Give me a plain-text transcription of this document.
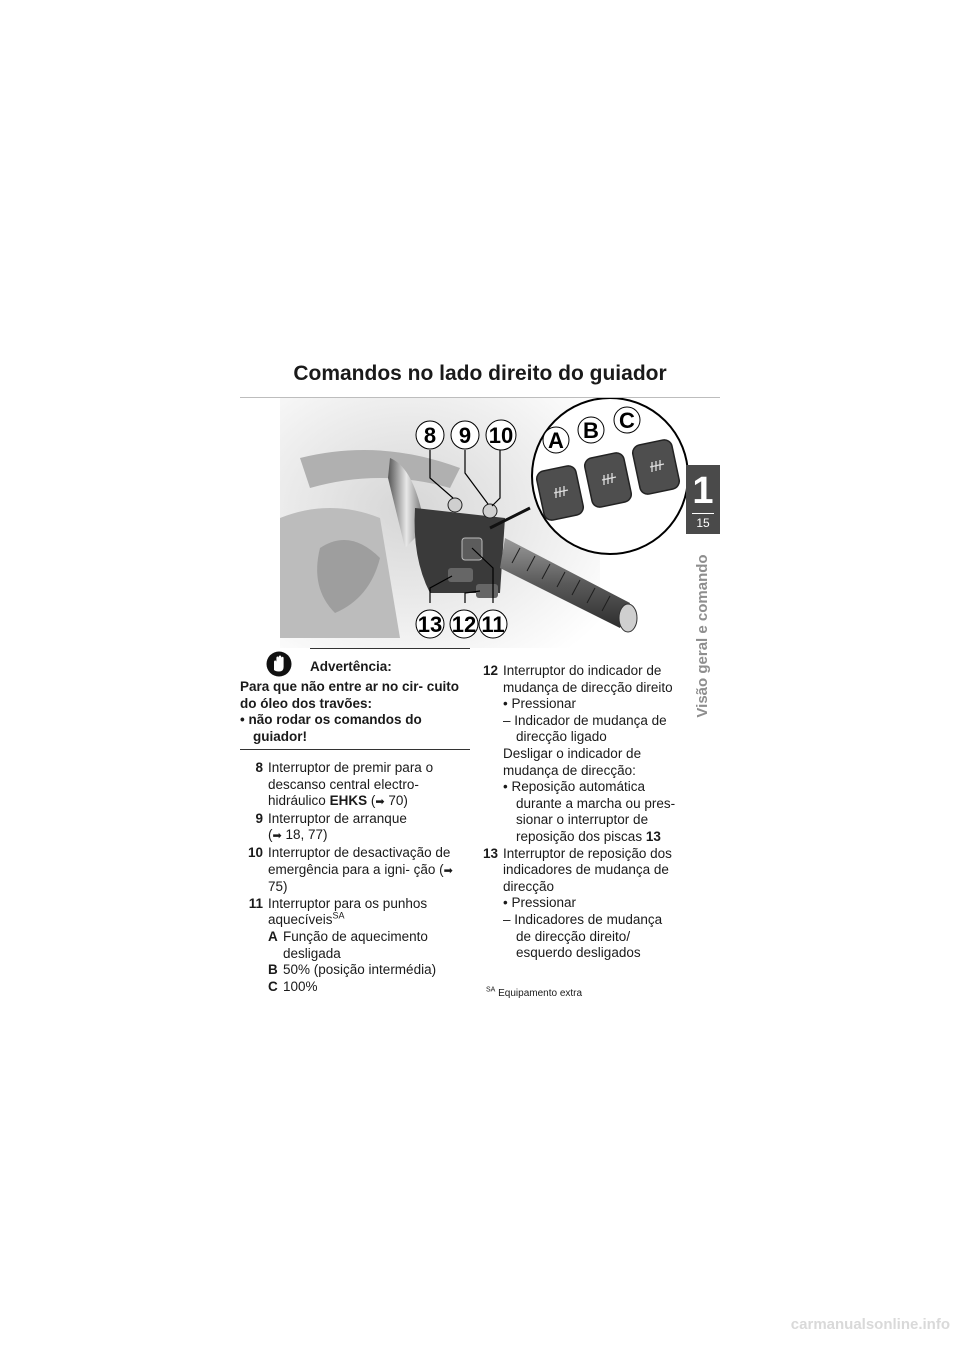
Comandos no lado direito do guiador
8 9 10
13 12 11
A B C
1
15
Visão geral e comando
Advertência:
Para que não entre ar no cir- cuito do óleo dos travões:
• não rodar os comandos do guiador!
8 Interruptor de premir para o descanso central electro- hidráulico EHKS (➡ 70)
9 Interruptor de arranque
(➡ 18, 77)
10 Interruptor de desactivação de emergência para a igni- ção (➡ 75)
11 Interruptor para os punhos aquecíveis$^{SA}$
A Função de aquecimento desligada
B 50% (posição intermédia)
C 100%
12 Interruptor do indicador de mudança de direcção direito
• Pressionar
– Indicador de mudança de direcção ligado
Desligar o indicador de mudança de direcção:
• Reposição automática durante a marcha ou pres- sionar o interruptor de reposição dos piscas 13
13 Interruptor de reposição dos indicadores de mudança de direcção
• Pressionar
– Indicadores de mudança de direcção direito/ esquerdo desligados
$^{SA}$ Equipamento extra
carmanualsonline.info
